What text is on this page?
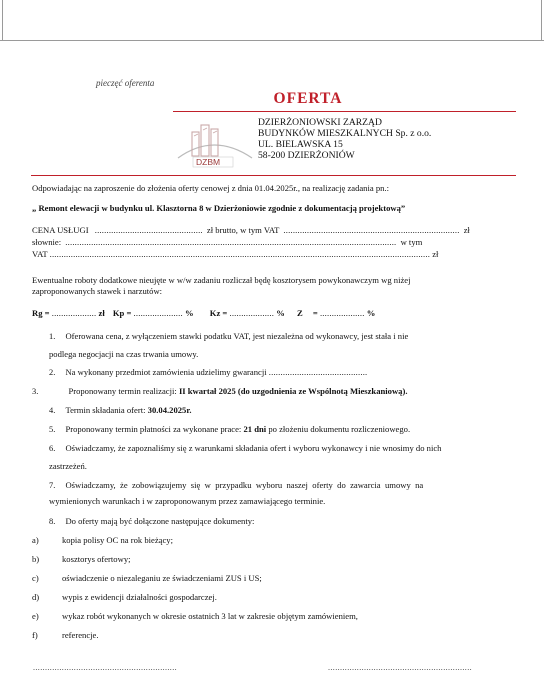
pieczęć oferenta
OFERTA
DZBM
DZIERŻONIOWSKI ZARZĄD
BUDYNKÓW MIESZKALNYCH Sp. z o.o.
UL. BIELAWSKA 15
58-200 DZIERŻONIÓW
Odpowiadając na zaproszenie do złożenia oferty cenowej z dnia 01.04.2025r., na realizację zadania pn.:
„ Remont elewacji w budynku ul. Klasztorna 8 w Dzierżoniowie zgodnie z dokumentacją projektową”
CENA USŁUGI .............................................. zł brutto, w tym VAT ........................................................................... zł
słownie: ............................................................................................................................................. w tym
VAT .................................................................................................................................................................. zł
Ewentualne roboty dodatkowe nieujęte w w/w zadaniu rozliczał będę kosztorysem powykonawczym wg niżej
zaproponowanych stawek i narzutów:
Rg = ................... zł Kp = ..................... % Kz = ................... % Z = ................... %
1. Oferowana cena, z wyłączeniem stawki podatku VAT, jest niezależna od wykonawcy, jest stała i nie
podlega negocjacji na czas trwania umowy.
2. Na wykonany przedmiot zamówienia udzielimy gwarancji ..........................................
3.	Proponowany termin realizacji: II kwartał 2025 (do uzgodnienia ze Wspólnotą Mieszkaniową).
4. Termin składania ofert: 30.04.2025r.
5. Proponowany termin płatności za wykonane prace: 21 dni po złożeniu dokumentu rozliczeniowego.
6. Oświadczamy, że zapoznaliśmy się z warunkami składania ofert i wyboru wykonawcy i nie wnosimy do nich
zastrzeżeń.
7. Oświadczamy, że zobowiązujemy się w przypadku wyboru naszej oferty do zawarcia umowy na
wymienionych warunkach i w zaproponowanym przez zamawiającego terminie.
8. Do oferty mają być dołączone następujące dokumenty:
a)	kopia polisy OC na rok bieżący;
b)	kosztorys ofertowy;
c)	oświadczenie o niezaleganiu ze świadczeniami ZUS i US;
d)	wypis z ewidencji działalności gospodarczej.
e)	wykaz robót wykonanych w okresie ostatnich 3 lat w zakresie objętym zamówieniem,
f)	referencje.
............................................................	............................................................
